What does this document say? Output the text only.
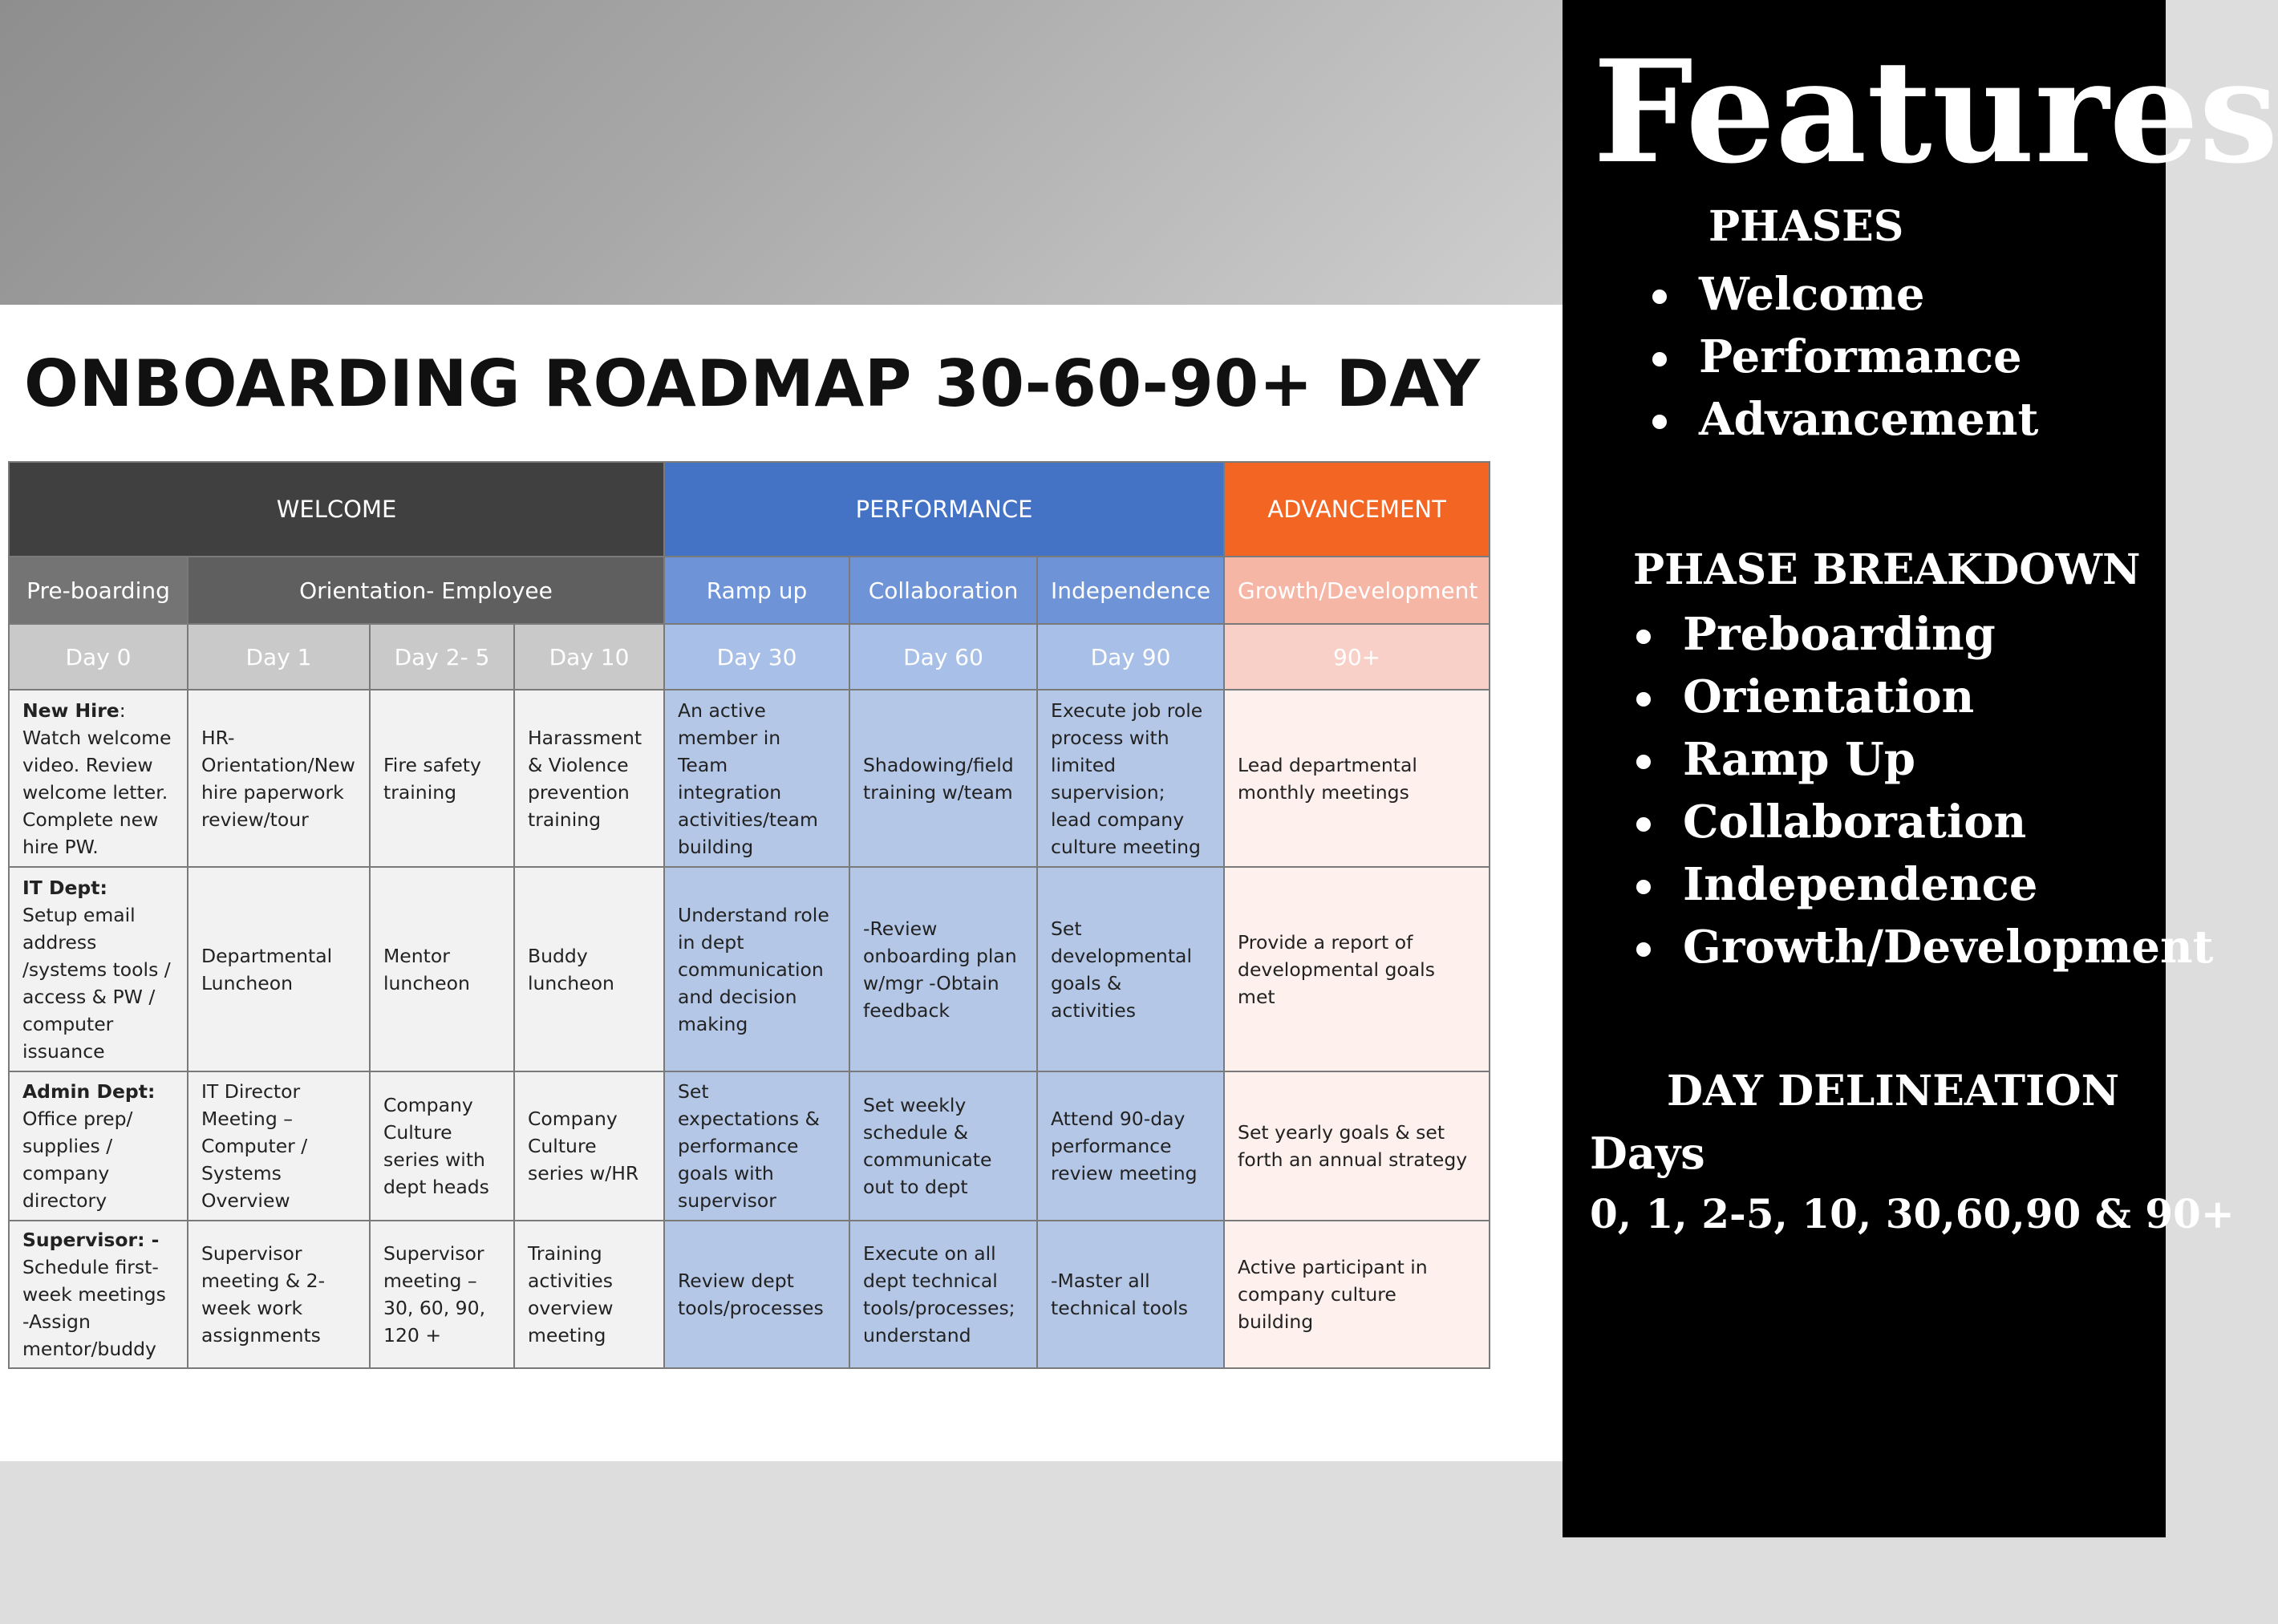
ONBOARDING ROADMAP 30-60-90+ DAY
WELCOME				PERFORMANCE			ADVANCEMENT
Pre-boarding	Orientation- Employee			Ramp up	Collaboration	Independence	Growth/Development
Day 0	Day 1	Day 2- 5	Day 10	Day 30	Day 60	Day 90	90+
New Hire:
Watch welcome video. Review welcome letter. Complete new hire PW.	HR-Orientation/New hire paperwork review/tour	Fire safety training	Harassment & Violence prevention training	An active member in Team integration activities/team building	Shadowing/field training w/team	Execute job role process with limited supervision; lead company culture meeting	Lead departmental monthly meetings
IT Dept:
Setup email address /systems tools / access & PW / computer issuance	Departmental Luncheon	Mentor luncheon	Buddy luncheon	Understand role in dept communication and decision making	-Review onboarding plan w/mgr -Obtain feedback	Set developmental goals & activities	Provide a report of developmental goals met
Admin Dept:
Office prep/ supplies / company directory	IT Director Meeting – Computer / Systems Overview	Company Culture series with dept heads	Company Culture series w/HR	Set expectations & performance goals with supervisor	Set weekly schedule & communicate out to dept	Attend 90-day performance review meeting	Set yearly goals & set forth an annual strategy
Supervisor: -
Schedule first-week meetings -Assign mentor/buddy	Supervisor meeting & 2-week work assignments	Supervisor meeting – 30, 60, 90, 120 +	Training activities overview meeting	Review dept tools/processes	Execute on all dept technical tools/processes; understand	-Master all technical tools	Active participant in company culture building
Features
PHASES
Welcome
Performance
Advancement
PHASE BREAKDOWN
Preboarding
Orientation
Ramp Up
Collaboration
Independence
Growth/Development
DAY DELINEATION

Days

0, 1, 2-5, 10, 30,60,90 & 90+
